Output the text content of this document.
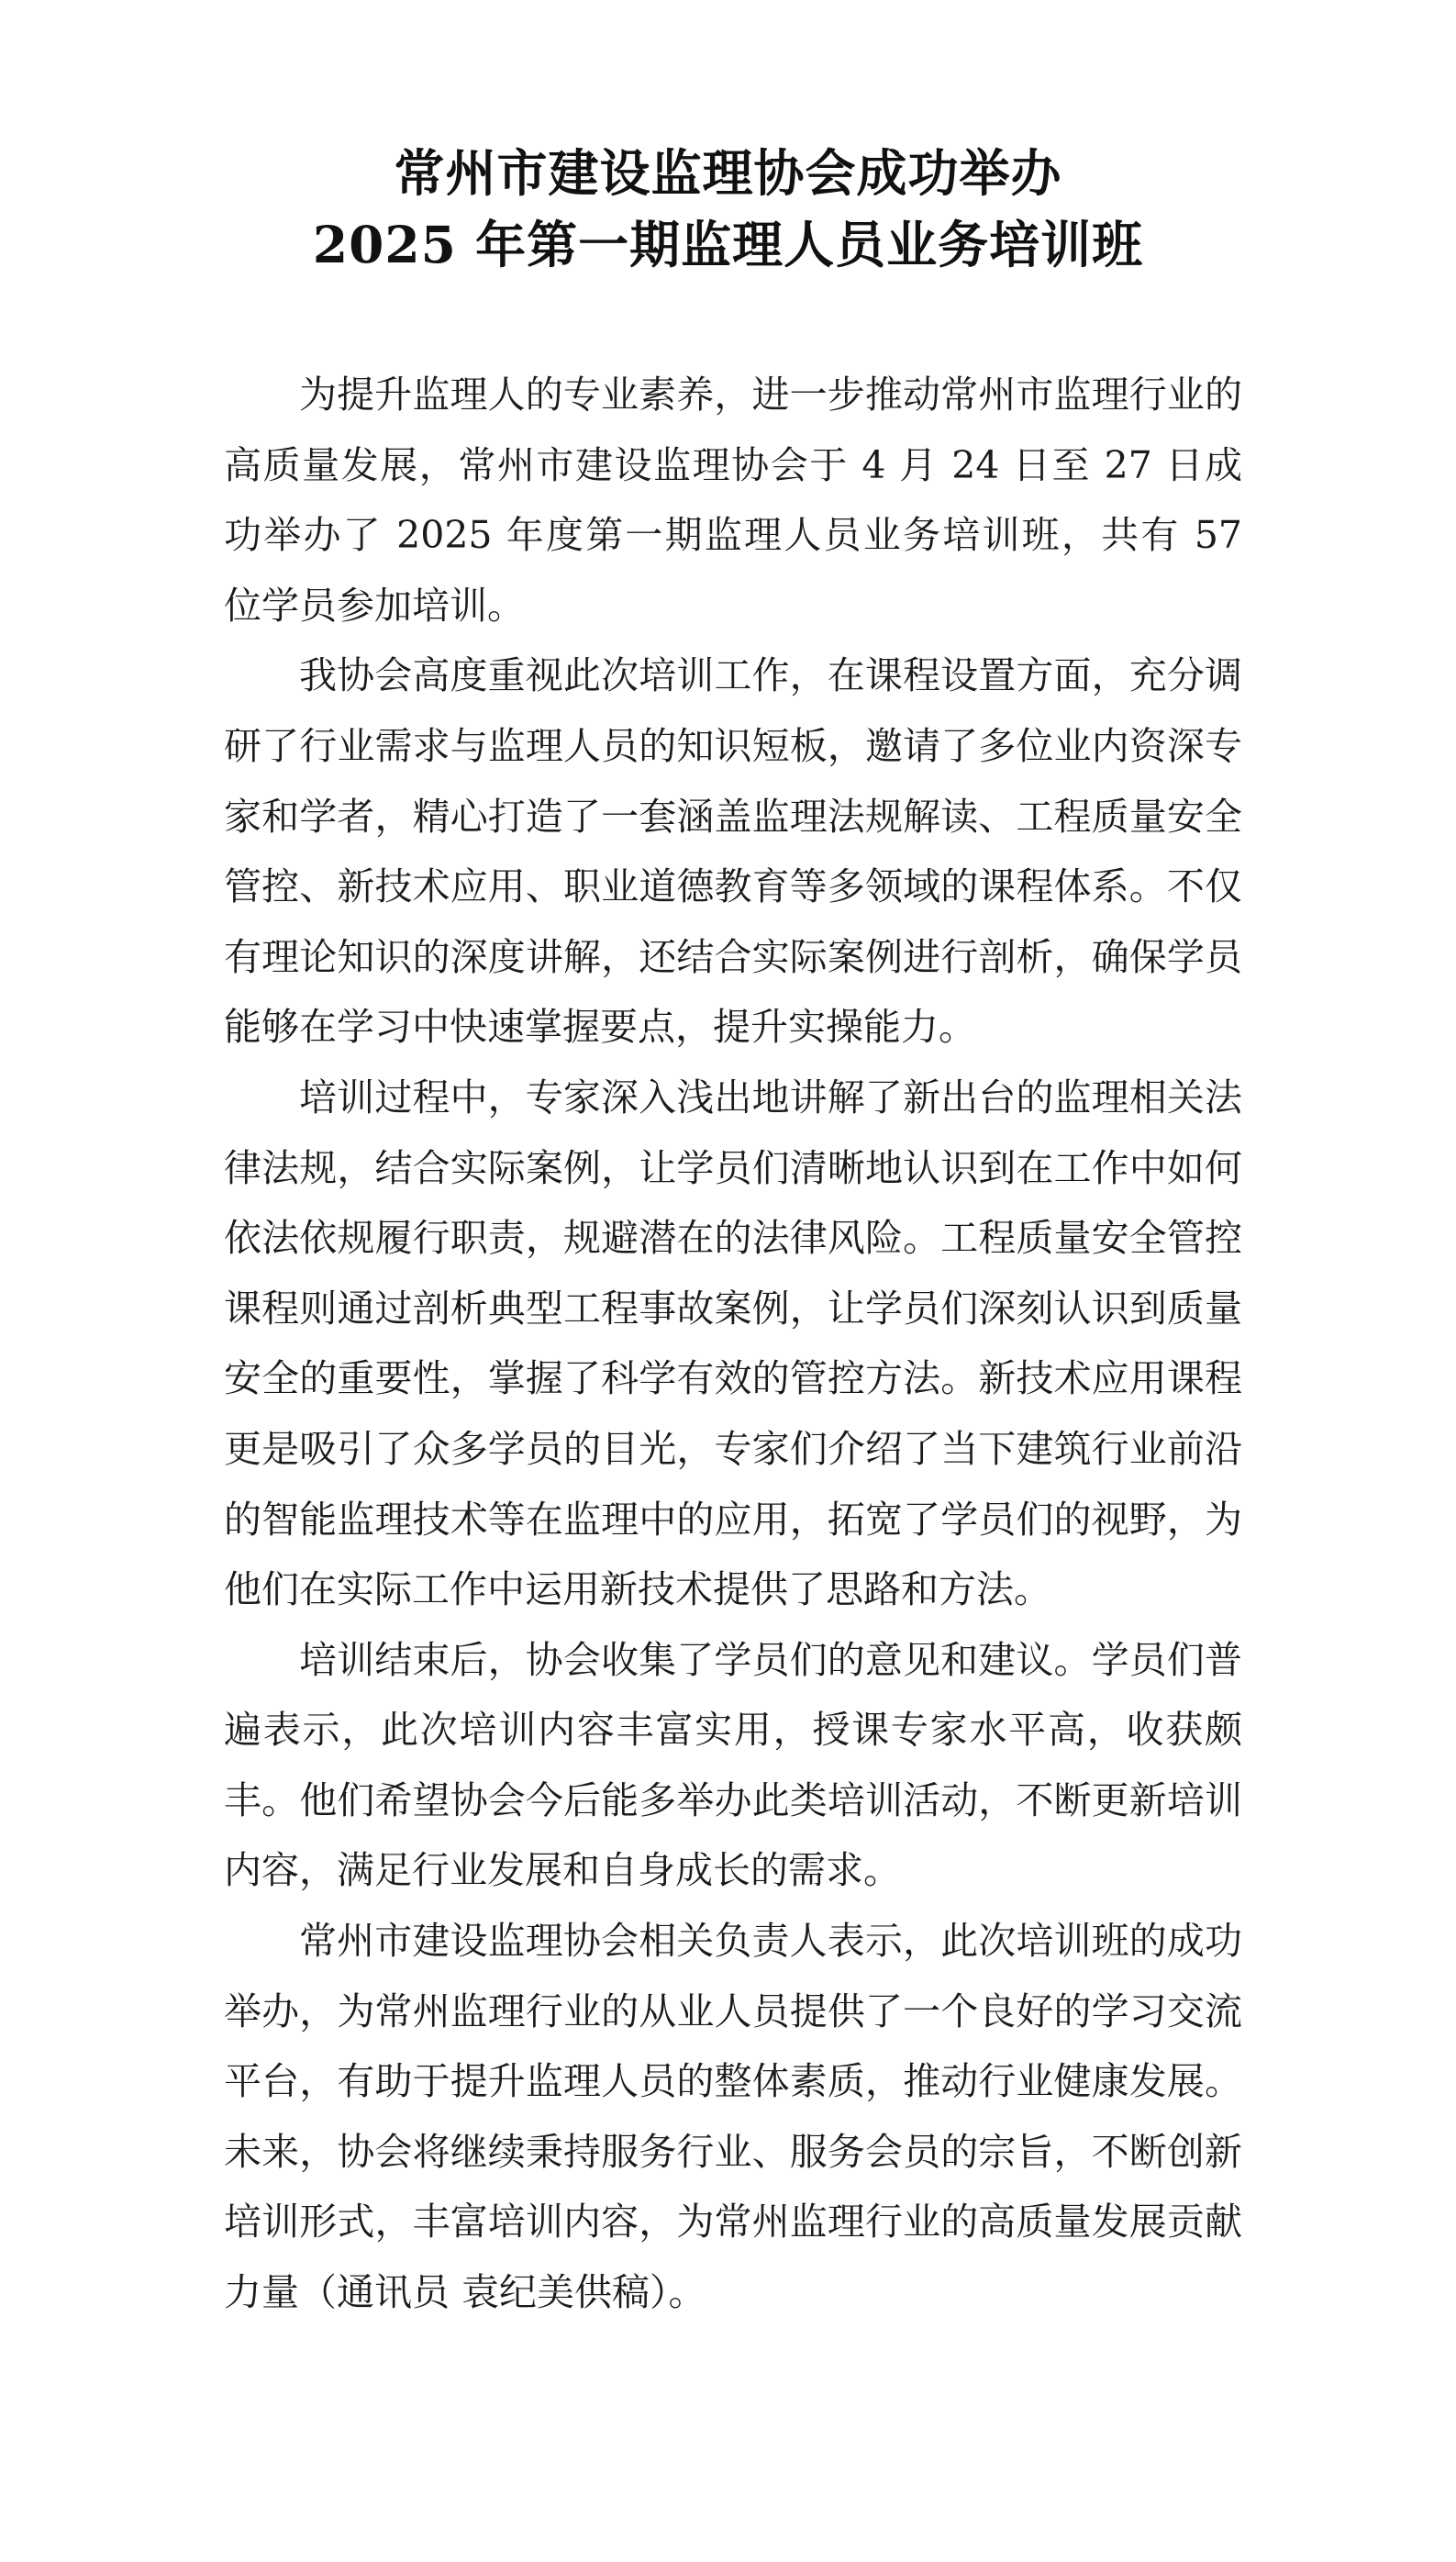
常州市建设监理协会成功举办
2025 年第一期监理人员业务培训班

为提升监理人的专业素养，进一步推动常州市监理行业的高质量发展，常州市建设监理协会于 4 月 24 日至 27 日成功举办了 2025 年度第一期监理人员业务培训班，共有 57 位学员参加培训。

我协会高度重视此次培训工作，在课程设置方面，充分调研了行业需求与监理人员的知识短板，邀请了多位业内资深专家和学者，精心打造了一套涵盖监理法规解读、工程质量安全管控、新技术应用、职业道德教育等多领域的课程体系。不仅有理论知识的深度讲解，还结合实际案例进行剖析，确保学员能够在学习中快速掌握要点，提升实操能力。

培训过程中，专家深入浅出地讲解了新出台的监理相关法律法规，结合实际案例，让学员们清晰地认识到在工作中如何依法依规履行职责，规避潜在的法律风险。工程质量安全管控课程则通过剖析典型工程事故案例，让学员们深刻认识到质量安全的重要性，掌握了科学有效的管控方法。新技术应用课程更是吸引了众多学员的目光，专家们介绍了当下建筑行业前沿的智能监理技术等在监理中的应用，拓宽了学员们的视野，为他们在实际工作中运用新技术提供了思路和方法。

培训结束后，协会收集了学员们的意见和建议。学员们普遍表示，此次培训内容丰富实用，授课专家水平高，收获颇丰。他们希望协会今后能多举办此类培训活动，不断更新培训内容，满足行业发展和自身成长的需求。

常州市建设监理协会相关负责人表示，此次培训班的成功举办，为常州监理行业的从业人员提供了一个良好的学习交流平台，有助于提升监理人员的整体素质，推动行业健康发展。未来，协会将继续秉持服务行业、服务会员的宗旨，不断创新培训形式，丰富培训内容，为常州监理行业的高质量发展贡献力量（通讯员 袁纪美供稿）。
